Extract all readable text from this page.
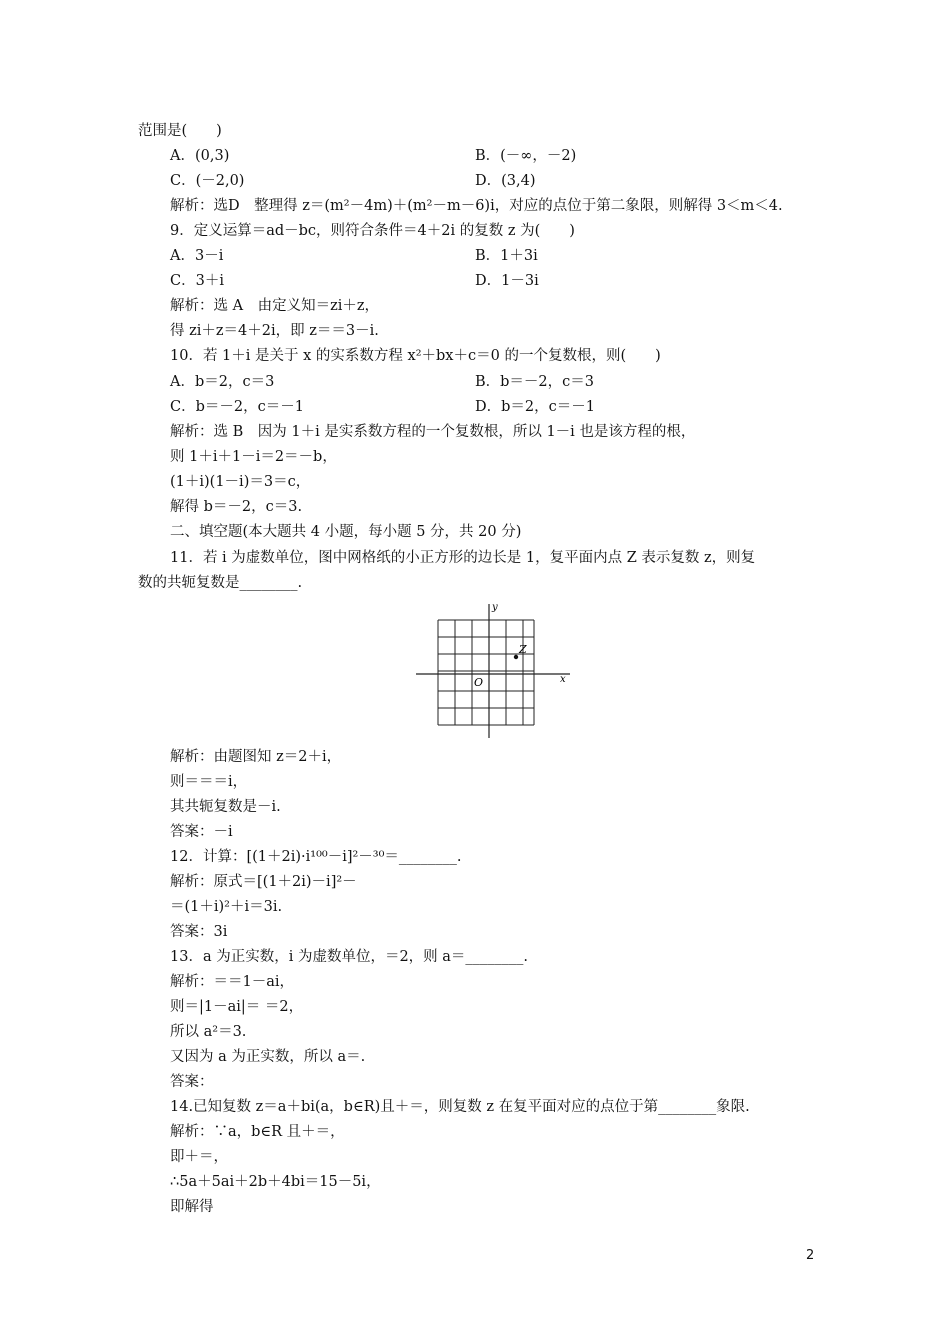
范围是(　　)
A．(0,3)	B．(－∞，－2)
C．(－2,0)	D．(3,4)
解析：选D　整理得 z＝(m²－4m)＋(m²－m－6)i，对应的点位于第二象限，则解得 3＜m＜4.
9．定义运算＝ad－bc，则符合条件＝4＋2i 的复数 z 为(　　)
A．3－i	B．1＋3i
C．3＋i	D．1－3i
解析：选 A　由定义知＝zi＋z，
得 zi＋z＝4＋2i，即 z＝＝3－i.
10．若 1＋i 是关于 x 的实系数方程 x²＋bx＋c＝0 的一个复数根，则(　　)
A．b＝2，c＝3	B．b＝－2，c＝3
C．b＝－2，c＝－1	D．b＝2，c＝－1
解析：选 B　因为 1＋i 是实系数方程的一个复数根，所以 1－i 也是该方程的根，
则 1＋i＋1－i＝2＝－b，
(1＋i)(1－i)＝3＝c，
解得 b＝－2，c＝3.
二、填空题(本大题共 4 小题，每小题 5 分，共 20 分)
11．若 i 为虚数单位，图中网格纸的小正方形的边长是 1，复平面内点 Z 表示复数 z，则复
数的共轭复数是________.
y
x
O
Z
解析：由题图知 z＝2＋i，
则＝＝＝i，
其共轭复数是－i.
答案：－i
12．计算：[(1＋2i)·i¹⁰⁰－i]²－³⁰＝________.
解析：原式＝[(1＋2i)－i]²－
＝(1＋i)²＋i＝3i.
答案：3i
13．a 为正实数，i 为虚数单位，＝2，则 a＝________.
解析：＝＝1－ai，
则＝|1－ai|＝ ＝2，
所以 a²＝3.
又因为 a 为正实数，所以 a＝.
答案：
14.已知复数 z＝a＋bi(a，b∈R)且＋＝，则复数 z 在复平面对应的点位于第________象限.
解析：∵a，b∈R 且＋＝，
即＋＝，
∴5a＋5ai＋2b＋4bi＝15－5i，
即解得
2
